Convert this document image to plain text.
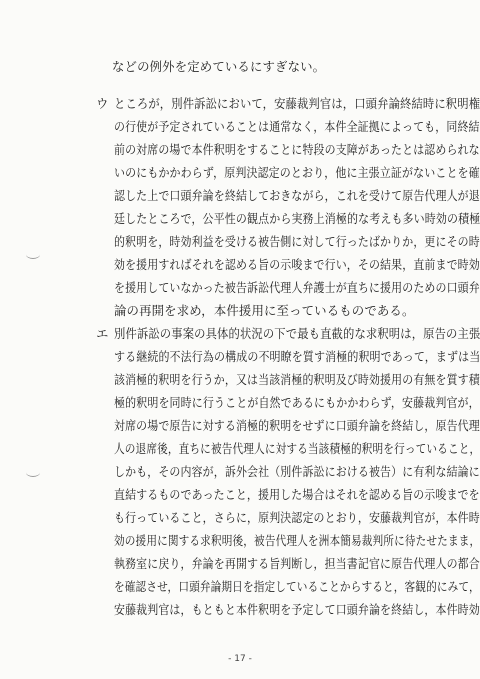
などの例外を定めているにすぎない。
ウ ところが，別件訴訟において，安藤裁判官は，口頭弁論終結時に釈明権
の行使が予定されていることは通常なく，本件全証拠によっても，同終結
前の対席の場で本件釈明をすることに特段の支障があったとは認められな
いのにもかかわらず，原判決認定のとおり，他に主張立証がないことを確
認した上で口頭弁論を終結しておきながら，これを受けて原告代理人が退
廷したところで，公平性の観点から実務上消極的な考えも多い時効の積極
的釈明を，時効利益を受ける被告側に対して行ったばかりか，更にその時
効を援用すればそれを認める旨の示唆まで行い，その結果，直前まで時効
を援用していなかった被告訴訟代理人弁護士が直ちに援用のための口頭弁
論の再開を求め，本件援用に至っているものである。
エ 別件訴訟の事案の具体的状況の下で最も直截的な求釈明は，原告の主張
する継続的不法行為の構成の不明瞭を質す消極的釈明であって，まずは当
該消極的釈明を行うか，又は当該消極的釈明及び時効援用の有無を質す積
極的釈明を同時に行うことが自然であるにもかかわらず，安藤裁判官が，
対席の場で原告に対する消極的釈明をせずに口頭弁論を終結し，原告代理
人の退席後，直ちに被告代理人に対する当該積極的釈明を行っていること，
しかも，その内容が，訴外会社（別件訴訟における被告）に有利な結論に
直結するものであったこと，援用した場合はそれを認める旨の示唆までを
も行っていること，さらに，原判決認定のとおり，安藤裁判官が，本件時
効の援用に関する求釈明後，被告代理人を洲本簡易裁判所に待たせたまま，
執務室に戻り，弁論を再開する旨判断し，担当書記官に原告代理人の都合
を確認させ，口頭弁論期日を指定していることからすると，客観的にみて，
安藤裁判官は，もともと本件釈明を予定して口頭弁論を終結し，本件時効
- 17 -
